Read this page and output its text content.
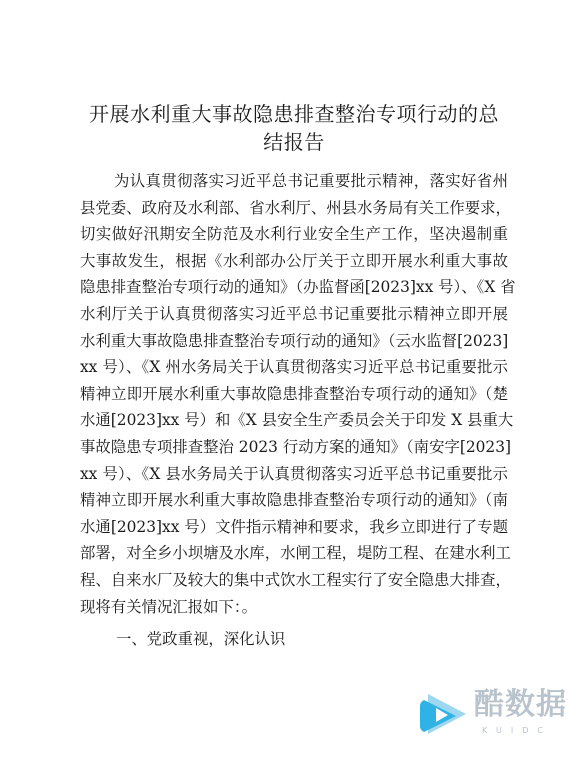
开展水利重大事故隐患排查整治专项行动的总
结报告
为认真贯彻落实习近平总书记重要批示精神，落实好省州
县党委、政府及水利部、省水利厅、州县水务局有关工作要求，
切实做好汛期安全防范及水利行业安全生产工作，坚决遏制重
大事故发生，根据《水利部办公厅关于立即开展水利重大事故
隐患排查整治专项行动的通知》（办监督函[2023]xx 号）、《X 省
水利厅关于认真贯彻落实习近平总书记重要批示精神立即开展
水利重大事故隐患排查整治专项行动的通知》（云水监督[2023]
xx 号）、《X 州水务局关于认真贯彻落实习近平总书记重要批示
精神立即开展水利重大事故隐患排查整治专项行动的通知》（楚
水通[2023]xx 号）和《X 县安全生产委员会关于印发 X 县重大
事故隐患专项排查整治 2023 行动方案的通知》（南安字[2023]
xx 号）、《X 县水务局关于认真贯彻落实习近平总书记重要批示
精神立即开展水利重大事故隐患排查整治专项行动的通知》（南
水通[2023]xx 号）文件指示精神和要求，我乡立即进行了专题
部署，对全乡小坝塘及水库，水闸工程，堤防工程、在建水利工
程、自来水厂及较大的集中式饮水工程实行了安全隐患大排查，
现将有关情况汇报如下：。
一、党政重视，深化认识
酷数据
KUIDC
